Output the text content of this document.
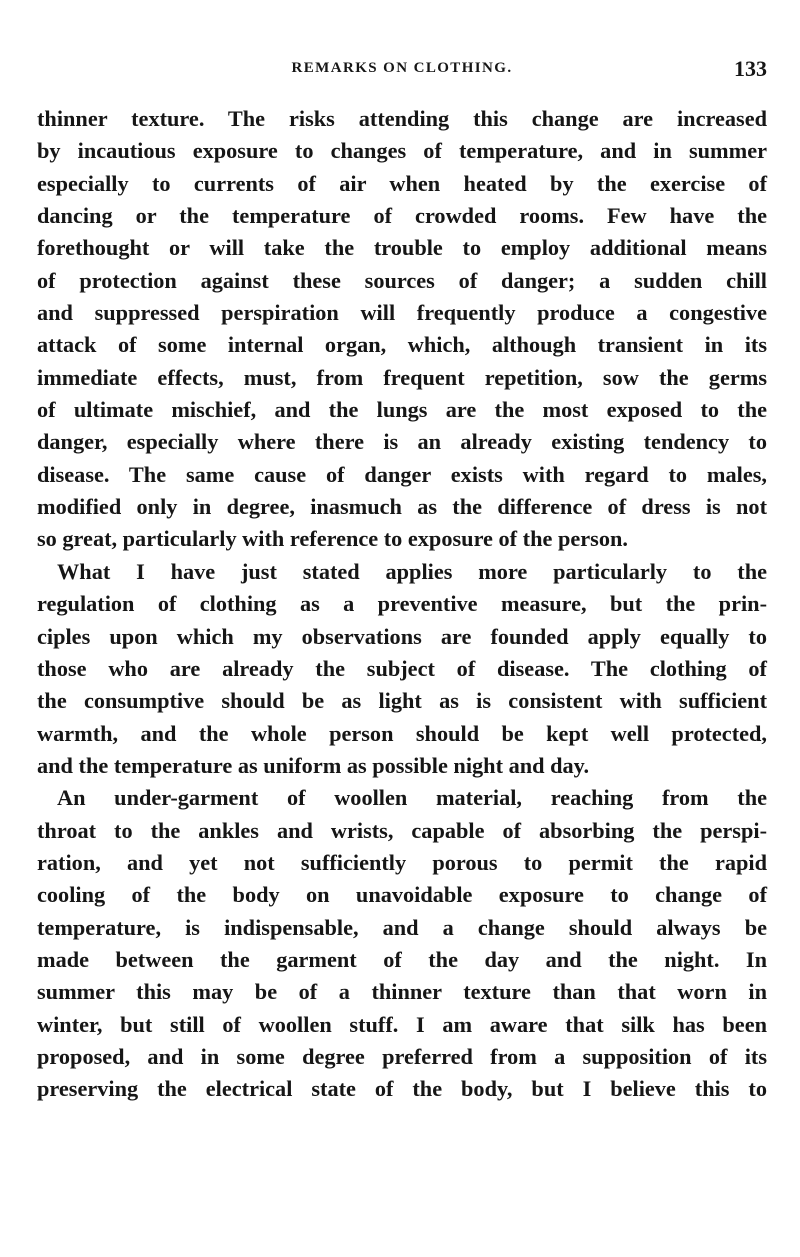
REMARKS ON CLOTHING.	133
thinner texture. The risks attending this change are increased
by incautious exposure to changes of temperature, and in summer
especially to currents of air when heated by the exercise of
dancing or the temperature of crowded rooms. Few have the
forethought or will take the trouble to employ additional means
of protection against these sources of danger; a sudden chill
and suppressed perspiration will frequently produce a congestive
attack of some internal organ, which, although transient in its
immediate effects, must, from frequent repetition, sow the germs
of ultimate mischief, and the lungs are the most exposed to the
danger, especially where there is an already existing tendency to
disease. The same cause of danger exists with regard to males,
modified only in degree, inasmuch as the difference of dress is not
so great, particularly with reference to exposure of the person.
What I have just stated applies more particularly to the
regulation of clothing as a preventive measure, but the prin-
ciples upon which my observations are founded apply equally to
those who are already the subject of disease. The clothing of
the consumptive should be as light as is consistent with sufficient
warmth, and the whole person should be kept well protected,
and the temperature as uniform as possible night and day.
An under-garment of woollen material, reaching from the
throat to the ankles and wrists, capable of absorbing the perspi-
ration, and yet not sufficiently porous to permit the rapid
cooling of the body on unavoidable exposure to change of
temperature, is indispensable, and a change should always be
made between the garment of the day and the night. In
summer this may be of a thinner texture than that worn in
winter, but still of woollen stuff. I am aware that silk has been
proposed, and in some degree preferred from a supposition of its
preserving the electrical state of the body, but I believe this to
